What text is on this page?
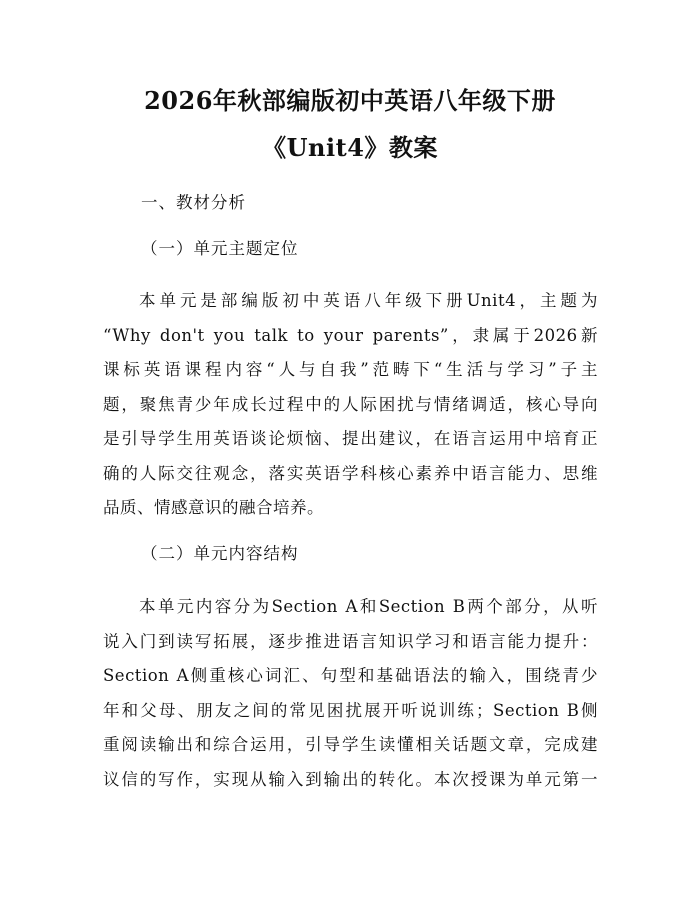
2026年秋部编版初中英语八年级下册
《Unit4》教案
一、教材分析
（一）单元主题定位
本单元是部编版初中英语八年级下册Unit4，主题为
“Why don't you talk to your parents”，隶属于2026新
课标英语课程内容“人与自我”范畴下“生活与学习”子主
题，聚焦青少年成长过程中的人际困扰与情绪调适，核心导向
是引导学生用英语谈论烦恼、提出建议，在语言运用中培育正
确的人际交往观念，落实英语学科核心素养中语言能力、思维
品质、情感意识的融合培养。
（二）单元内容结构
本单元内容分为Section A和Section B两个部分，从听
说入门到读写拓展，逐步推进语言知识学习和语言能力提升：
Section A侧重核心词汇、句型和基础语法的输入，围绕青少
年和父母、朋友之间的常见困扰展开听说训练；Section B侧
重阅读输出和综合运用，引导学生读懂相关话题文章，完成建
议信的写作，实现从输入到输出的转化。本次授课为单元第一
